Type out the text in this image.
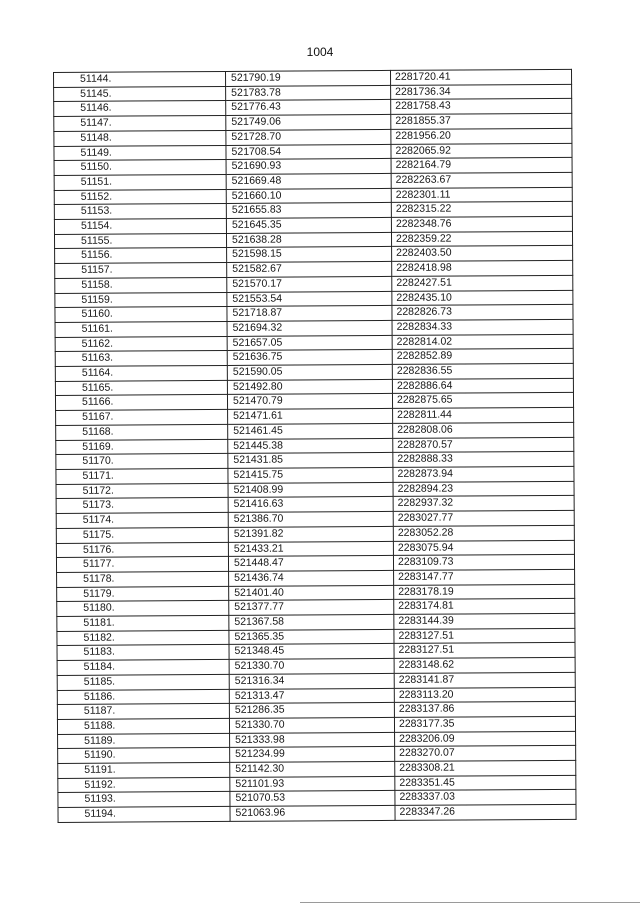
1004
51144.	521790.19	2281720.41
51145.	521783.78	2281736.34
51146.	521776.43	2281758.43
51147.	521749.06	2281855.37
51148.	521728.70	2281956.20
51149.	521708.54	2282065.92
51150.	521690.93	2282164.79
51151.	521669.48	2282263.67
51152.	521660.10	2282301.11
51153.	521655.83	2282315.22
51154.	521645.35	2282348.76
51155.	521638.28	2282359.22
51156.	521598.15	2282403.50
51157.	521582.67	2282418.98
51158.	521570.17	2282427.51
51159.	521553.54	2282435.10
51160.	521718.87	2282826.73
51161.	521694.32	2282834.33
51162.	521657.05	2282814.02
51163.	521636.75	2282852.89
51164.	521590.05	2282836.55
51165.	521492.80	2282886.64
51166.	521470.79	2282875.65
51167.	521471.61	2282811.44
51168.	521461.45	2282808.06
51169.	521445.38	2282870.57
51170.	521431.85	2282888.33
51171.	521415.75	2282873.94
51172.	521408.99	2282894.23
51173.	521416.63	2282937.32
51174.	521386.70	2283027.77
51175.	521391.82	2283052.28
51176.	521433.21	2283075.94
51177.	521448.47	2283109.73
51178.	521436.74	2283147.77
51179.	521401.40	2283178.19
51180.	521377.77	2283174.81
51181.	521367.58	2283144.39
51182.	521365.35	2283127.51
51183.	521348.45	2283127.51
51184.	521330.70	2283148.62
51185.	521316.34	2283141.87
51186.	521313.47	2283113.20
51187.	521286.35	2283137.86
51188.	521330.70	2283177.35
51189.	521333.98	2283206.09
51190.	521234.99	2283270.07
51191.	521142.30	2283308.21
51192.	521101.93	2283351.45
51193.	521070.53	2283337.03
51194.	521063.96	2283347.26
